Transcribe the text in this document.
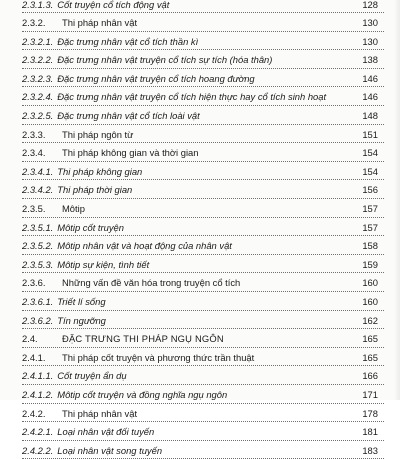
2.3.1.3. Cốt truyện cổ tích động vật	128
2.3.2. Thi pháp nhân vật	130
2.3.2.1. Đặc trưng nhân vật cổ tích thần kì	130
2.3.2.2. Đặc trưng nhân vật truyện cổ tích sự tích (hóa thân)	138
2.3.2.3. Đặc trưng nhân vật truyện cổ tích hoang đường	146
2.3.2.4. Đặc trưng nhân vật truyện cổ tích hiện thực hay cổ tích sinh hoạt	146
2.3.2.5. Đặc trưng nhân vật cổ tích loài vật	148
2.3.3. Thi pháp ngôn từ	151
2.3.4. Thi pháp không gian và thời gian	154
2.3.4.1. Thi pháp không gian	154
2.3.4.2. Thi pháp thời gian	156
2.3.5. Môtip	157
2.3.5.1. Môtip cốt truyện	157
2.3.5.2. Môtip nhân vật và hoạt động của nhân vật	158
2.3.5.3. Môtip sự kiện, tình tiết	159
2.3.6. Những vấn đề văn hóa trong truyện cổ tích	160
2.3.6.1. Triết lí sống	160
2.3.6.2. Tín ngưỡng	162
2.4.	ĐẶC TRƯNG THI PHÁP NGỤ NGÔN	165
2.4.1. Thi pháp cốt truyện và phương thức trần thuật	165
2.4.1.1. Cốt truyện ẩn dụ	166
2.4.1.2. Môtip cốt truyện và đồng nghĩa ngụ ngôn	171
2.4.2. Thi pháp nhân vật	178
2.4.2.1. Loại nhân vật đối tuyến	181
2.4.2.2. Loại nhân vật song tuyến	183
